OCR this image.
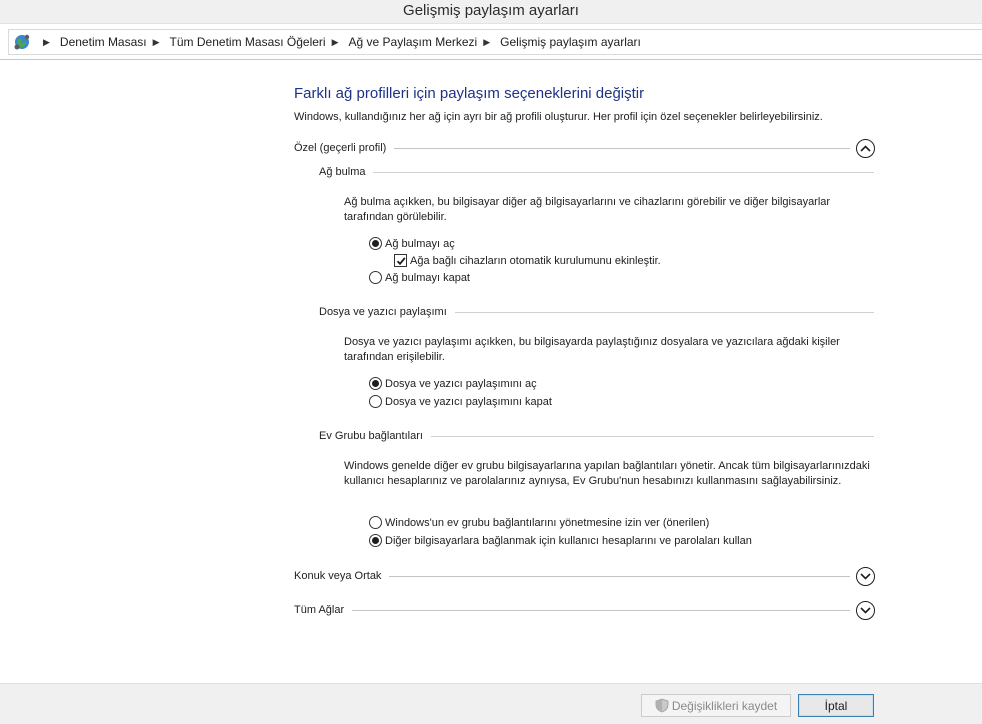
Gelişmiş paylaşım ayarları
▶ Denetim Masası ▶ Tüm Denetim Masası Öğeleri ▶ Ağ ve Paylaşım Merkezi ▶ Gelişmiş paylaşım ayarları
Farklı ağ profilleri için paylaşım seçeneklerini değiştir
Windows, kullandığınız her ağ için ayrı bir ağ profili oluşturur. Her profil için özel seçenekler belirleyebilirsiniz.
Özel (geçerli profil)
Ağ bulma
Ağ bulma açıkken, bu bilgisayar diğer ağ bilgisayarlarını ve cihazlarını görebilir ve diğer bilgisayarlar tarafından görülebilir.
Ağ bulmayı aç
Ağa bağlı cihazların otomatik kurulumunu ekinleştir.
Ağ bulmayı kapat
Dosya ve yazıcı paylaşımı
Dosya ve yazıcı paylaşımı açıkken, bu bilgisayarda paylaştığınız dosyalara ve yazıcılara ağdaki kişiler tarafından erişilebilir.
Dosya ve yazıcı paylaşımını aç
Dosya ve yazıcı paylaşımını kapat
Ev Grubu bağlantıları
Windows genelde diğer ev grubu bilgisayarlarına yapılan bağlantıları yönetir. Ancak tüm bilgisayarlarınızdaki kullanıcı hesaplarınız ve parolalarınız aynıysa, Ev Grubu'nun hesabınızı kullanmasını sağlayabilirsiniz.
Windows'un ev grubu bağlantılarını yönetmesine izin ver (önerilen)
Diğer bilgisayarlara bağlanmak için kullanıcı hesaplarını ve parolaları kullan
Konuk veya Ortak
Tüm Ağlar
Değişiklikleri kaydet	İptal
